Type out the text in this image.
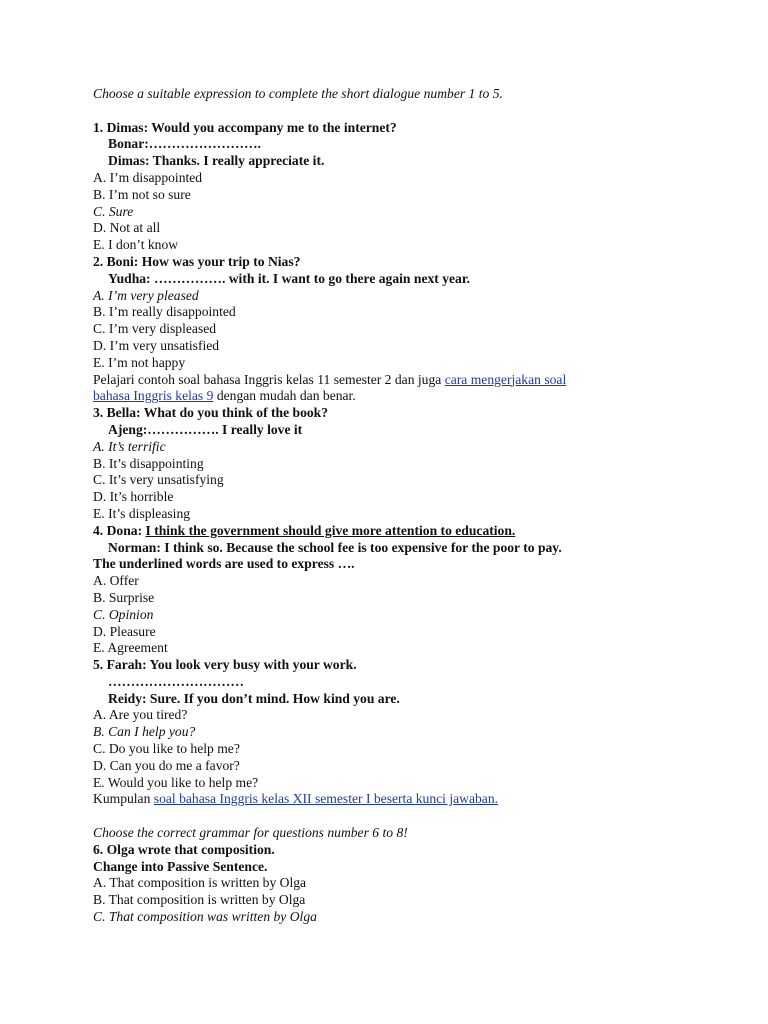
Choose a suitable expression to complete the short dialogue number 1 to 5.
1. Dimas: Would you accompany me to the internet?
Bonar:…………………….
Dimas: Thanks. I really appreciate it.
A. I’m disappointed
B. I’m not so sure
C. Sure
D. Not at all
E. I don’t know
2. Boni: How was your trip to Nias?
Yudha: ……………. with it. I want to go there again next year.
A. I’m very pleased
B. I’m really disappointed
C. I’m very displeased
D. I’m very unsatisfied
E. I’m not happy
Pelajari contoh soal bahasa Inggris kelas 11 semester 2 dan juga cara mengerjakan soal
bahasa Inggris kelas 9 dengan mudah dan benar.
3. Bella: What do you think of the book?
Ajeng:……………. I really love it
A. It’s terrific
B. It’s disappointing
C. It’s very unsatisfying
D. It’s horrible
E. It’s displeasing
4. Dona: I think the government should give more attention to education.
Norman: I think so. Because the school fee is too expensive for the poor to pay.
The underlined words are used to express ….
A. Offer
B. Surprise
C. Opinion
D. Pleasure
E. Agreement
5. Farah: You look very busy with your work.
…………………………
Reidy: Sure. If you don’t mind. How kind you are.
A. Are you tired?
B. Can I help you?
C. Do you like to help me?
D. Can you do me a favor?
E. Would you like to help me?
Kumpulan soal bahasa Inggris kelas XII semester I beserta kunci jawaban.
Choose the correct grammar for questions number 6 to 8!
6. Olga wrote that composition.
Change into Passive Sentence.
A. That composition is written by Olga
B. That composition is written by Olga
C. That composition was written by Olga
